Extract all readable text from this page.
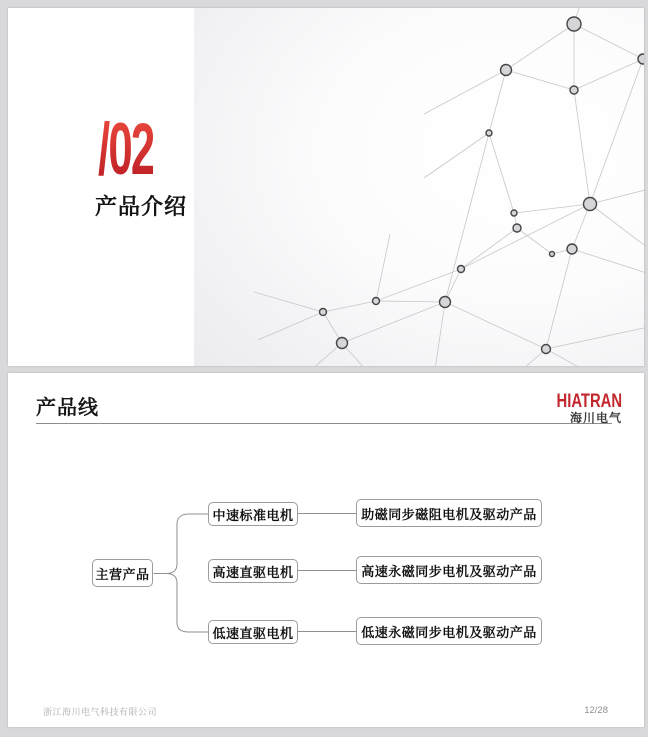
/02
产品介绍
产品线	HIATRAN
海川电气
主营产品
中速标准电机
高速直驱电机
低速直驱电机
助磁同步磁阻电机及驱动产品
高速永磁同步电机及驱动产品
低速永磁同步电机及驱动产品
浙江海川电气科技有限公司	12/28
